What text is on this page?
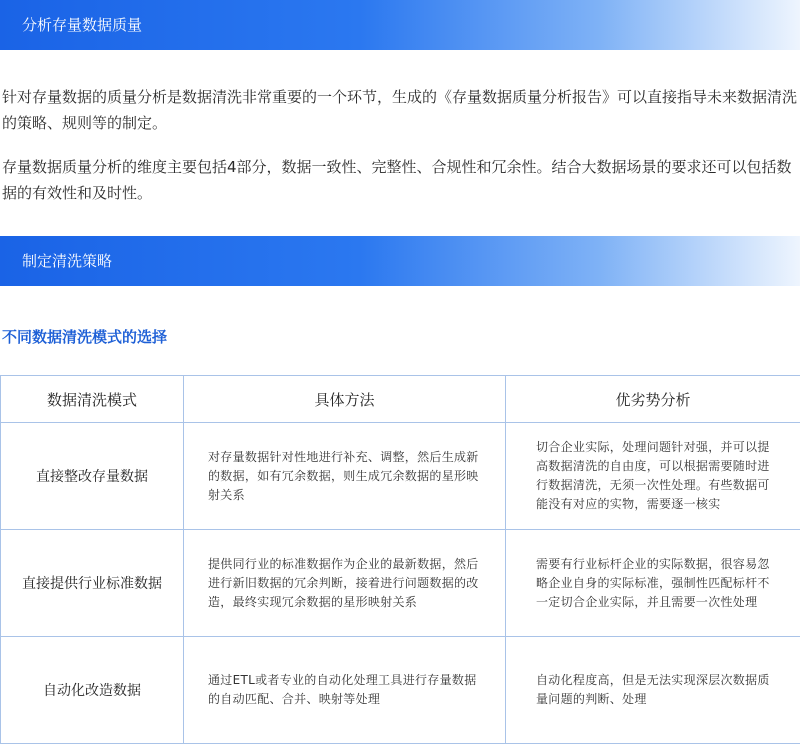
分析存量数据质量

针对存量数据的质量分析是数据清洗非常重要的一个环节，生成的《存量数据质量分析报告》可以直接指导未来数据清洗的策略、规则等的制定。

存量数据质量分析的维度主要包括4部分，数据一致性、完整性、合规性和冗余性。结合大数据场景的要求还可以包括数据的有效性和及时性。

制定清洗策略

不同数据清洗模式的选择

数据清洗模式	具体方法	优劣势分析
直接整改存量数据	对存量数据针对性地进行补充、调整，然后生成新的数据，如有冗余数据，则生成冗余数据的星形映射关系	切合企业实际，处理问题针对强，并可以提高数据清洗的自由度，可以根据需要随时进行数据清洗，无须一次性处理。有些数据可能没有对应的实物，需要逐一核实
直接提供行业标准数据	提供同行业的标准数据作为企业的最新数据，然后进行新旧数据的冗余判断，接着进行问题数据的改造，最终实现冗余数据的星形映射关系	需要有行业标杆企业的实际数据，很容易忽略企业自身的实际标准，强制性匹配标杆不一定切合企业实际，并且需要一次性处理
自动化改造数据	通过ETL或者专业的自动化处理工具进行存量数据的自动匹配、合并、映射等处理	自动化程度高，但是无法实现深层次数据质量问题的判断、处理
